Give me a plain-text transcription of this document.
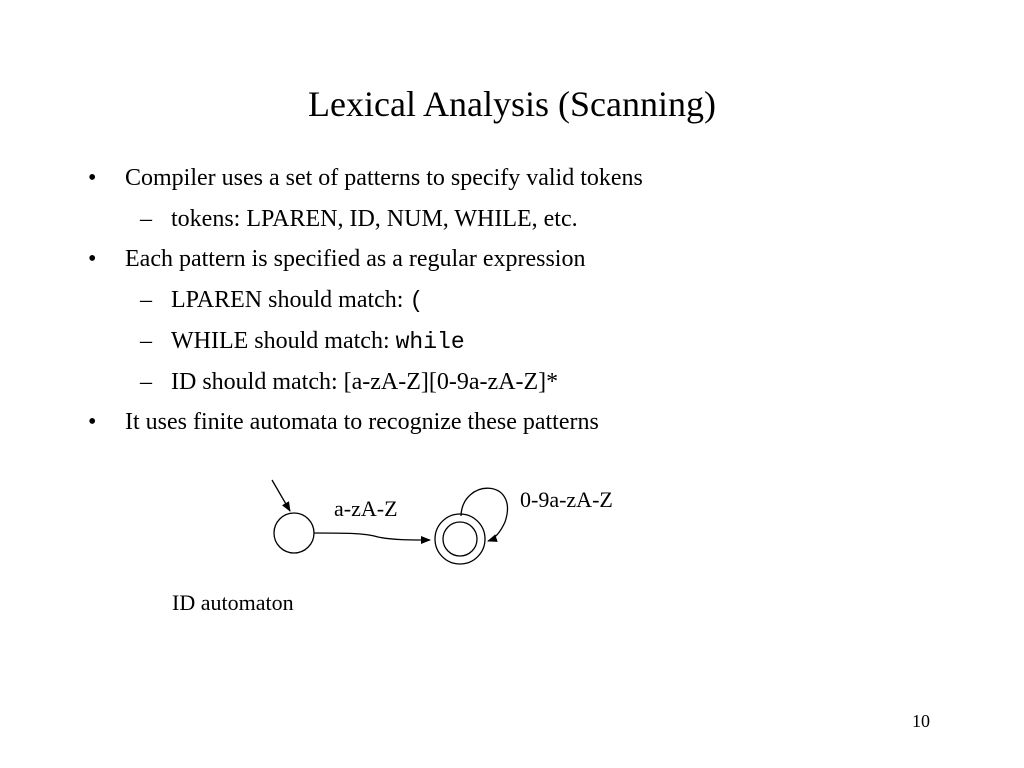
Lexical Analysis (Scanning)
• Compiler uses a set of patterns to specify valid tokens
– tokens: LPAREN, ID, NUM, WHILE, etc.
• Each pattern is specified as a regular expression
– LPAREN should match: (
– WHILE should match: while
– ID should match: [a-zA-Z][0-9a-zA-Z]*
• It uses finite automata to recognize these patterns
a-zA-Z	0-9a-zA-Z
ID automaton
10
